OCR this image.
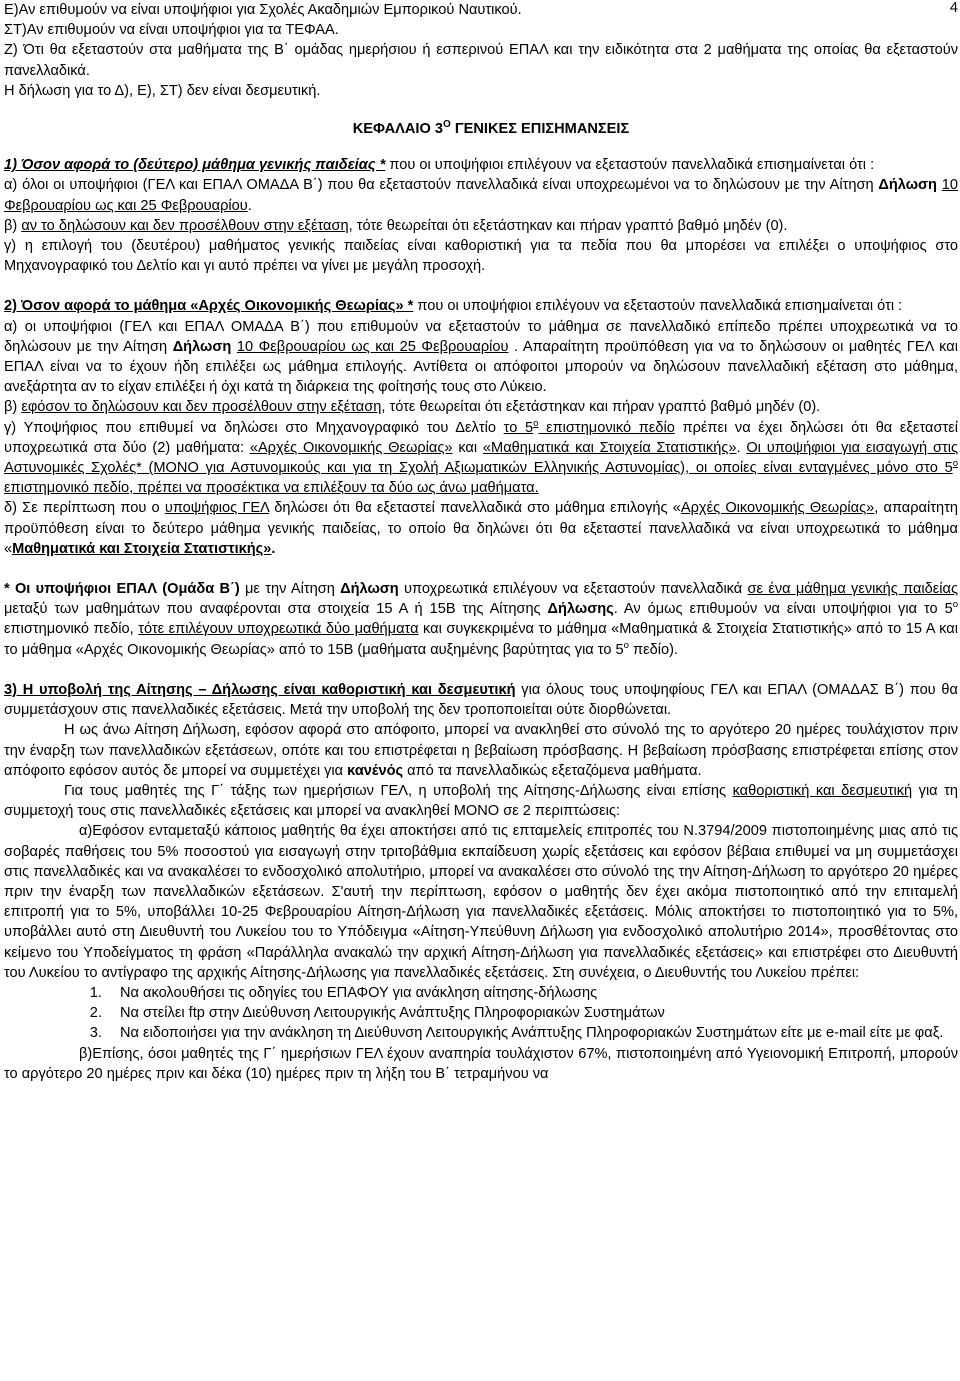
4

Ε)Αν επιθυμούν να είναι υποψήφιοι για Σχολές Ακαδημιών Εμπορικού Ναυτικού.

ΣΤ)Αν επιθυμούν να είναι υποψήφιοι για τα ΤΕΦΑΑ.

Ζ) Ότι θα εξεταστούν στα μαθήματα της Β΄ ομάδας ημερήσιου ή εσπερινού ΕΠΑΛ και την ειδικότητα στα 2 μαθήματα της οποίας θα εξεταστούν πανελλαδικά.

Η δήλωση για το Δ), Ε), ΣΤ) δεν είναι δεσμευτική.

ΚΕΦΑΛΑΙΟ $3^O$ ΓΕΝΙΚΕΣ ΕΠΙΣΗΜΑΝΣΕΙΣ

1) Όσον αφορά το (δεύτερο) μάθημα γενικής παιδείας * που οι υποψήφιοι επιλέγουν να εξεταστούν πανελλαδικά επισημαίνεται ότι :

α) όλοι οι υποψήφιοι (ΓΕΛ και ΕΠΑΛ ΟΜΑΔΑ Β΄) που θα εξεταστούν πανελλαδικά είναι υποχρεωμένοι να το δηλώσουν με την Αίτηση Δήλωση 10 Φεβρουαρίου ως και 25 Φεβρουαρίου.

β) αν το δηλώσουν και δεν προσέλθουν στην εξέταση, τότε θεωρείται ότι εξετάστηκαν και πήραν γραπτό βαθμό μηδέν (0).

γ) η επιλογή του (δευτέρου) μαθήματος γενικής παιδείας είναι καθοριστική για τα πεδία που θα μπορέσει να επιλέξει ο υποψήφιος στο Μηχανογραφικό του Δελτίο και γι αυτό πρέπει να γίνει με μεγάλη προσοχή.

2) Όσον αφορά το μάθημα «Αρχές Οικονομικής Θεωρίας» * που οι υποψήφιοι επιλέγουν να εξεταστούν πανελλαδικά επισημαίνεται ότι :

α) οι υποψήφιοι (ΓΕΛ και ΕΠΑΛ ΟΜΑΔΑ Β΄) που επιθυμούν να εξεταστούν το μάθημα σε πανελλαδικό επίπεδο πρέπει υποχρεωτικά να το δηλώσουν με την Αίτηση Δήλωση 10 Φεβρουαρίου ως και 25 Φεβρουαρίου . Απαραίτητη προϋπόθεση για να το δηλώσουν οι μαθητές ΓΕΛ και ΕΠΑΛ είναι να το έχουν ήδη επιλέξει ως μάθημα επιλογής. Αντίθετα οι απόφοιτοι μπορούν να δηλώσουν πανελλαδική εξέταση στο μάθημα, ανεξάρτητα αν το είχαν επιλέξει ή όχι κατά τη διάρκεια της φοίτησής τους στο Λύκειο.

β) εφόσον το δηλώσουν και δεν προσέλθουν στην εξέταση, τότε θεωρείται ότι εξετάστηκαν και πήραν γραπτό βαθμό μηδέν (0).

γ) Υποψήφιος που επιθυμεί να δηλώσει στο Μηχανογραφικό του Δελτίο το $5^o$ επιστημονικό πεδίο πρέπει να έχει δηλώσει ότι θα εξεταστεί υποχρεωτικά στα δύο (2) μαθήματα: «Αρχές Οικονομικής Θεωρίας» και «Μαθηματικά και Στοιχεία Στατιστικής». Οι υποψήφιοι για εισαγωγή στις Αστυνομικές Σχολές* (ΜΟΝΟ για Αστυνομικούς και για τη Σχολή Αξιωματικών Ελληνικής Αστυνομίας), οι οποίες είναι ενταγμένες μόνο στο $5^o$ επιστημονικό πεδίο, πρέπει να προσέκτικα να επιλέξουν τα δύο ως άνω μαθήματα.

δ) Σε περίπτωση που ο υποψήφιος ΓΕΛ δηλώσει ότι θα εξεταστεί πανελλαδικά στο μάθημα επιλογής «Αρχές Οικονομικής Θεωρίας», απαραίτητη προϋπόθεση είναι το δεύτερο μάθημα γενικής παιδείας, το οποίο θα δηλώνει ότι θα εξεταστεί πανελλαδικά να είναι υποχρεωτικά το μάθημα «Μαθηματικά και Στοιχεία Στατιστικής».

* Οι υποψήφιοι ΕΠΑΛ (Ομάδα Β΄) με την Αίτηση Δήλωση υποχρεωτικά επιλέγουν να εξεταστούν πανελλαδικά σε ένα μάθημα γενικής παιδείας μεταξύ των μαθημάτων που αναφέρονται στα στοιχεία 15 Α ή 15Β της Αίτησης Δήλωσης. Αν όμως επιθυμούν να είναι υποψήφιοι για το $5^o$ επιστημονικό πεδίο, τότε επιλέγουν υποχρεωτικά δύο μαθήματα και συγκεκριμένα το μάθημα «Μαθηματικά & Στοιχεία Στατιστικής» από το 15 Α και το μάθημα «Αρχές Οικονομικής Θεωρίας» από το 15Β (μαθήματα αυξημένης βαρύτητας για το $5^o$ πεδίο).

3) Η υποβολή της Αίτησης – Δήλωσης είναι καθοριστική και δεσμευτική για όλους τους υποψηφίους ΓΕΛ και ΕΠΑΛ (ΟΜΑΔΑΣ Β΄) που θα συμμετάσχουν στις πανελλαδικές εξετάσεις. Μετά την υποβολή της δεν τροποποιείται ούτε διορθώνεται.

Η ως άνω Αίτηση Δήλωση, εφόσον αφορά στο απόφοιτο, μπορεί να ανακληθεί στο σύνολό της το αργότερο 20 ημέρες τουλάχιστον πριν την έναρξη των πανελλαδικών εξετάσεων, οπότε και του επιστρέφεται η βεβαίωση πρόσβασης. Η βεβαίωση πρόσβασης επιστρέφεται επίσης στον απόφοιτο εφόσον αυτός δε μπορεί να συμμετέχει για κανένός από τα πανελλαδικώς εξεταζόμενα μαθήματα.

Για τους μαθητές της Γ΄ τάξης των ημερήσιων ΓΕΛ, η υποβολή της Αίτησης-Δήλωσης είναι επίσης καθοριστική και δεσμευτική για τη συμμετοχή τους στις πανελλαδικές εξετάσεις και μπορεί να ανακληθεί ΜΟΝΟ σε 2 περιπτώσεις:

α)Εφόσον ενταμεταξύ κάποιος μαθητής θα έχει αποκτήσει από τις επταμελείς επιτροπές του Ν.3794/2009 πιστοποιημένης μιας από τις σοβαρές παθήσεις του 5% ποσοστού για εισαγωγή στην τριτοβάθμια εκπαίδευση χωρίς εξετάσεις και εφόσον βέβαια επιθυμεί να μη συμμετάσχει στις πανελλαδικές και να ανακαλέσει το ενδοσχολικό απολυτήριο, μπορεί να ανακαλέσει στο σύνολό της την Αίτηση-Δήλωση το αργότερο 20 ημέρες πριν την έναρξη των πανελλαδικών εξετάσεων. Σ'αυτή την περίπτωση, εφόσον ο μαθητής δεν έχει ακόμα πιστοποιητικό από την επιταμελή επιτροπή για το 5%, υποβάλλει 10-25 Φεβρουαρίου Αίτηση-Δήλωση για πανελλαδικές εξετάσεις. Μόλις αποκτήσει το πιστοποιητικό για το 5%, υποβάλλει αυτό στη Διευθυντή του Λυκείου του το Υπόδειγμα «Αίτηση-Υπεύθυνη Δήλωση για ενδοσχολικό απολυτήριο 2014», προσθέτοντας στο κείμενο του Υποδείγματος τη φράση «Παράλληλα ανακαλώ την αρχική Αίτηση-Δήλωση για πανελλαδικές εξετάσεις» και επιστρέφει στο Διευθυντή του Λυκείου το αντίγραφο της αρχικής Αίτησης-Δήλωσης για πανελλαδικές εξετάσεις. Στη συνέχεια, ο Διευθυντής του Λυκείου πρέπει:

1. Να ακολουθήσει τις οδηγίες του ΕΠΑΦΟΥ για ανάκληση αίτησης-δήλωσης
2. Να στείλει ftp στην Διεύθυνση Λειτουργικής Ανάπτυξης Πληροφοριακών Συστημάτων
3. Να ειδοποιήσει για την ανάκληση τη Διεύθυνση Λειτουργικής Ανάπτυξης Πληροφοριακών Συστημάτων είτε με e-mail είτε με φαξ.

β)Επίσης, όσοι μαθητές της Γ΄ ημερήσιων ΓΕΛ έχουν αναπηρία τουλάχιστον 67%, πιστοποιημένη από Υγειονομική Επιτροπή, μπορούν το αργότερο 20 ημέρες πριν και δέκα (10) ημέρες πριν τη λήξη του Β΄ τετραμήνου να
